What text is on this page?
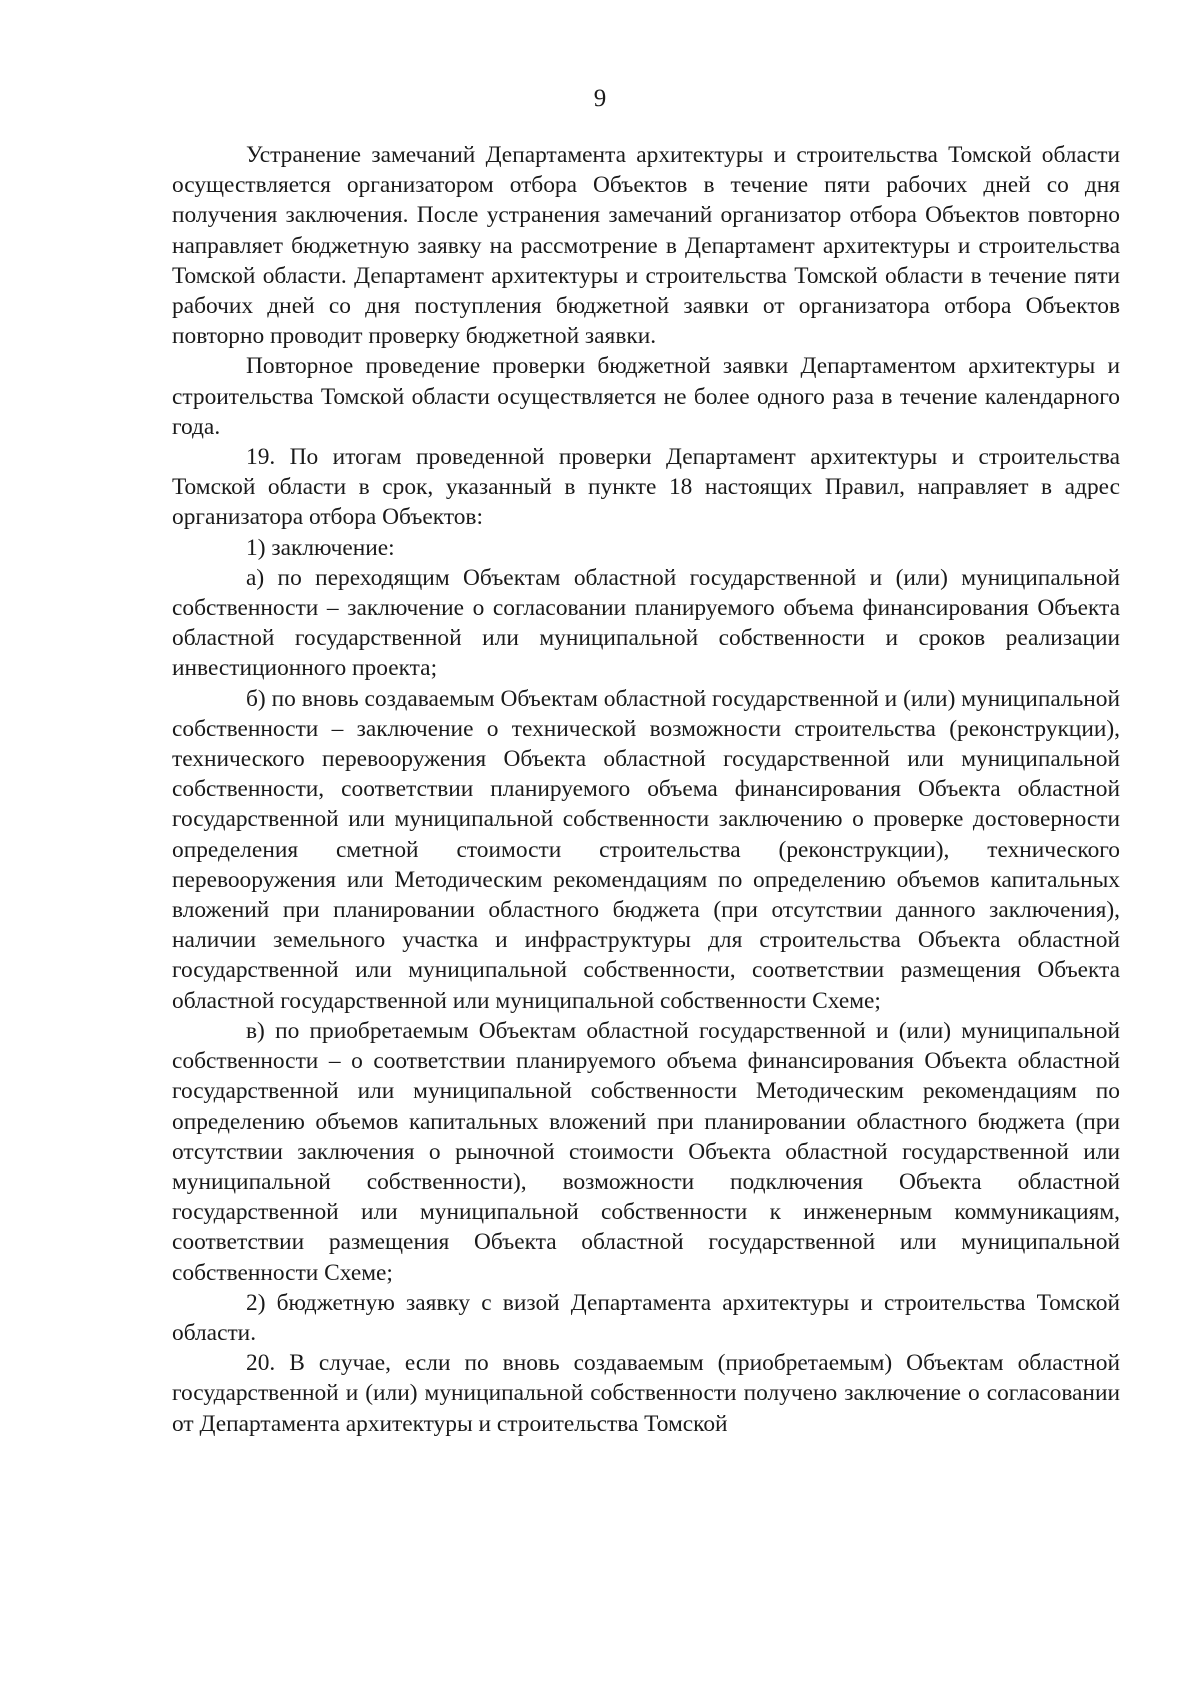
9

Устранение замечаний Департамента архитектуры и строительства Томской области осуществляется организатором отбора Объектов в течение пяти рабочих дней со дня получения заключения. После устранения замечаний организатор отбора Объектов повторно направляет бюджетную заявку на рассмотрение в Департамент архитектуры и строительства Томской области. Департамент архитектуры и строительства Томской области в течение пяти рабочих дней со дня поступления бюджетной заявки от организатора отбора Объектов повторно проводит проверку бюджетной заявки.

Повторное проведение проверки бюджетной заявки Департаментом архитектуры и строительства Томской области осуществляется не более одного раза в течение календарного года.

19. По итогам проведенной проверки Департамент архитектуры и строительства Томской области в срок, указанный в пункте 18 настоящих Правил, направляет в адрес организатора отбора Объектов:

1) заключение:

а) по переходящим Объектам областной государственной и (или) муниципальной собственности – заключение о согласовании планируемого объема финансирования Объекта областной государственной или муниципальной собственности и сроков реализации инвестиционного проекта;

б) по вновь создаваемым Объектам областной государственной и (или) муниципальной собственности – заключение о технической возможности строительства (реконструкции), технического перевооружения Объекта областной государственной или муниципальной собственности, соответствии планируемого объема финансирования Объекта областной государственной или муниципальной собственности заключению о проверке достоверности определения сметной стоимости строительства (реконструкции), технического перевооружения или Методическим рекомендациям по определению объемов капитальных вложений при планировании областного бюджета (при отсутствии данного заключения), наличии земельного участка и инфраструктуры для строительства Объекта областной государственной или муниципальной собственности, соответствии размещения Объекта областной государственной или муниципальной собственности Схеме;

в) по приобретаемым Объектам областной государственной и (или) муниципальной собственности – о соответствии планируемого объема финансирования Объекта областной государственной или муниципальной собственности Методическим рекомендациям по определению объемов капитальных вложений при планировании областного бюджета (при отсутствии заключения о рыночной стоимости Объекта областной государственной или муниципальной собственности), возможности подключения Объекта областной государственной или муниципальной собственности к инженерным коммуникациям, соответствии размещения Объекта областной государственной или муниципальной собственности Схеме;

2) бюджетную заявку с визой Департамента архитектуры и строительства Томской области.

20. В случае, если по вновь создаваемым (приобретаемым) Объектам областной государственной и (или) муниципальной собственности получено заключение о согласовании от Департамента архитектуры и строительства Томской
